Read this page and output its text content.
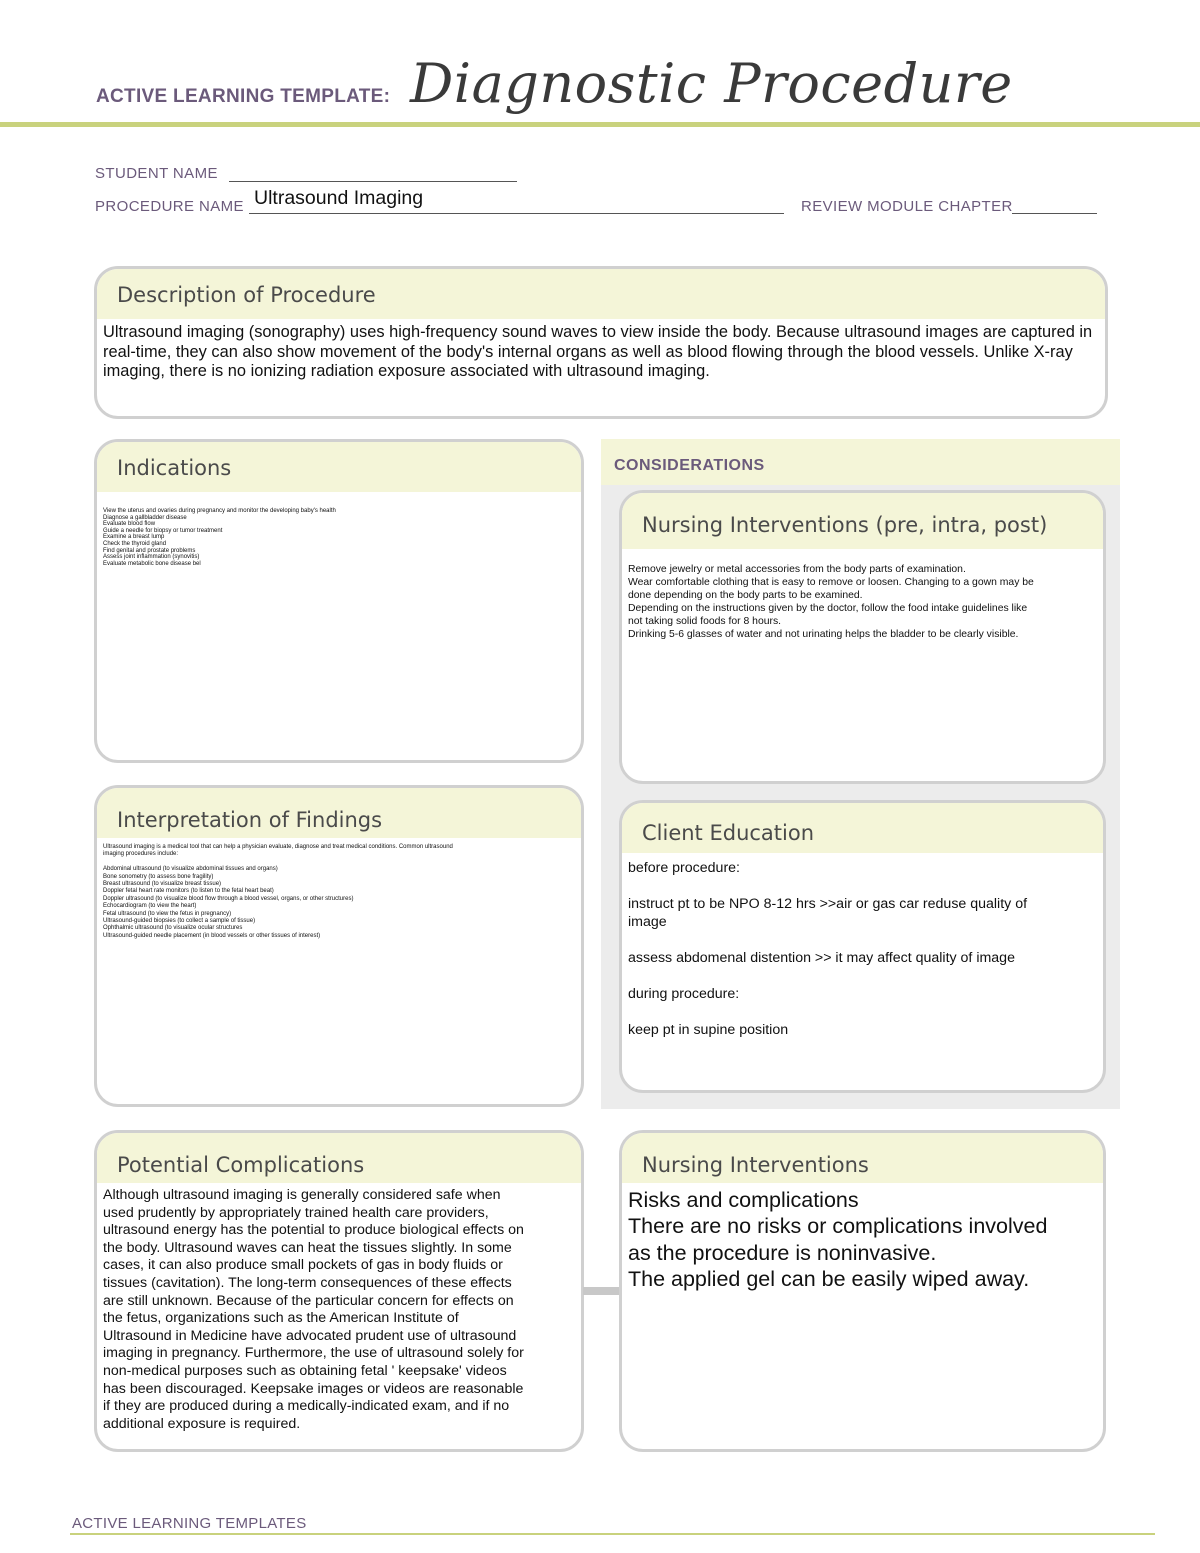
ACTIVE LEARNING TEMPLATE: Diagnostic Procedure
STUDENT NAME
PROCEDURE NAME Ultrasound Imaging	REVIEW MODULE CHAPTER
Description of Procedure
Ultrasound imaging (sonography) uses high-frequency sound waves to view inside the body. Because ultrasound images are captured in real-time, they can also show movement of the body's internal organs as well as blood flowing through the blood vessels. Unlike X-ray imaging, there is no ionizing radiation exposure associated with ultrasound imaging.
Indications
View the uterus and ovaries during pregnancy and monitor the developing baby's health
Diagnose a gallbladder disease
Evaluate blood flow
Guide a needle for biopsy or tumor treatment
Examine a breast lump
Check the thyroid gland
Find genital and prostate problems
Assess joint inflammation (synovitis)
Evaluate metabolic bone disease bel
CONSIDERATIONS
Nursing Interventions (pre, intra, post)
Remove jewelry or metal accessories from the body parts of examination.
Wear comfortable clothing that is easy to remove or loosen. Changing to a gown may be
done depending on the body parts to be examined.
Depending on the instructions given by the doctor, follow the food intake guidelines like
not taking solid foods for 8 hours.
Drinking 5-6 glasses of water and not urinating helps the bladder to be clearly visible.
Interpretation of Findings
Ultrasound imaging is a medical tool that can help a physician evaluate, diagnose and treat medical conditions. Common ultrasound
imaging procedures include:

Abdominal ultrasound (to visualize abdominal tissues and organs)
Bone sonometry (to assess bone fragility)
Breast ultrasound (to visualize breast tissue)
Doppler fetal heart rate monitors (to listen to the fetal heart beat)
Doppler ultrasound (to visualize blood flow through a blood vessel, organs, or other structures)
Echocardiogram (to view the heart)
Fetal ultrasound (to view the fetus in pregnancy)
Ultrasound-guided biopsies (to collect a sample of tissue)
Ophthalmic ultrasound (to visualize ocular structures
Ultrasound-guided needle placement (in blood vessels or other tissues of interest)
Client Education
before procedure:

instruct pt to be NPO 8-12 hrs >>air or gas car reduse quality of
image

assess abdomenal distention >> it may affect quality of image

during procedure:

keep pt in supine position
Potential Complications
Although ultrasound imaging is generally considered safe when
used prudently by appropriately trained health care providers,
ultrasound energy has the potential to produce biological effects on
the body. Ultrasound waves can heat the tissues slightly. In some
cases, it can also produce small pockets of gas in body fluids or
tissues (cavitation). The long-term consequences of these effects
are still unknown. Because of the particular concern for effects on
the fetus, organizations such as the American Institute of
Ultrasound in Medicine have advocated prudent use of ultrasound
imaging in pregnancy. Furthermore, the use of ultrasound solely for
non-medical purposes such as obtaining fetal ' keepsake' videos
has been discouraged. Keepsake images or videos are reasonable
if they are produced during a medically-indicated exam, and if no
additional exposure is required.
Nursing Interventions
Risks and complications
There are no risks or complications involved
as the procedure is noninvasive.
The applied gel can be easily wiped away.
ACTIVE LEARNING TEMPLATES
